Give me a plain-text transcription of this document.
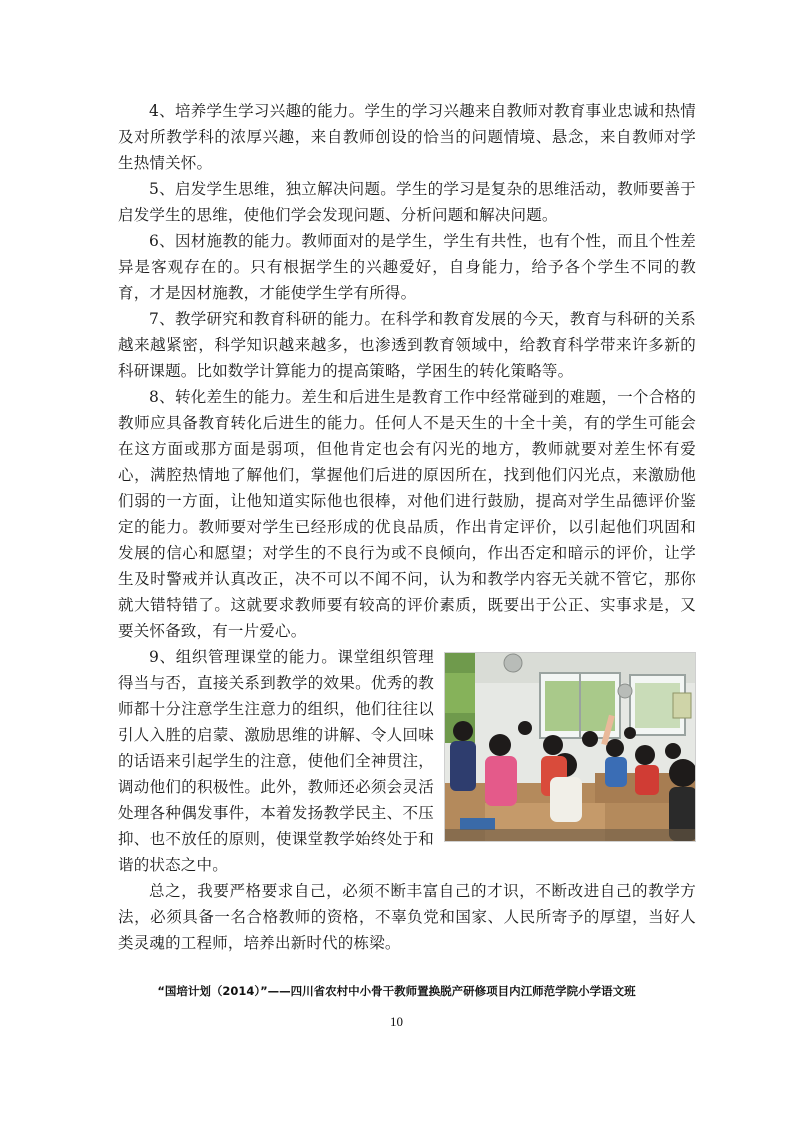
4、培养学生学习兴趣的能力。学生的学习兴趣来自教师对教育事业忠诚和热情及对所教学科的浓厚兴趣，来自教师创设的恰当的问题情境、悬念，来自教师对学生热情关怀。

5、启发学生思维，独立解决问题。学生的学习是复杂的思维活动，教师要善于启发学生的思维，使他们学会发现问题、分析问题和解决问题。

6、因材施教的能力。教师面对的是学生，学生有共性，也有个性，而且个性差异是客观存在的。只有根据学生的兴趣爱好，自身能力，给予各个学生不同的教育，才是因材施教，才能使学生学有所得。

7、教学研究和教育科研的能力。在科学和教育发展的今天，教育与科研的关系越来越紧密，科学知识越来越多，也渗透到教育领域中，给教育科学带来许多新的科研课题。比如数学计算能力的提高策略，学困生的转化策略等。

8、转化差生的能力。差生和后进生是教育工作中经常碰到的难题，一个合格的教师应具备教育转化后进生的能力。任何人不是天生的十全十美，有的学生可能会在这方面或那方面是弱项，但他肯定也会有闪光的地方，教师就要对差生怀有爱心，满腔热情地了解他们，掌握他们后进的原因所在，找到他们闪光点，来激励他们弱的一方面，让他知道实际他也很棒，对他们进行鼓励，提高对学生品德评价鉴定的能力。教师要对学生已经形成的优良品质，作出肯定评价，以引起他们巩固和发展的信心和愿望；对学生的不良行为或不良倾向，作出否定和暗示的评价，让学生及时警戒并认真改正，决不可以不闻不问，认为和教学内容无关就不管它，那你就大错特错了。这就要求教师要有较高的评价素质，既要出于公正、实事求是，又要关怀备致，有一片爱心。

9、组织管理课堂的能力。课堂组织管理得当与否，直接关系到教学的效果。优秀的教师都十分注意学生注意力的组织，他们往往以引人入胜的启蒙、激励思维的讲解、令人回味的话语来引起学生的注意，使他们全神贯注，调动他们的积极性。此外，教师还必须会灵活处理各种偶发事件，本着发扬教学民主、不压抑、也不放任的原则，使课堂教学始终处于和谐的状态之中。

总之，我要严格要求自己，必须不断丰富自己的才识，不断改进自己的教学方法，必须具备一名合格教师的资格，不辜负党和国家、人民所寄予的厚望，当好人类灵魂的工程师，培养出新时代的栋梁。

“国培计划（2014）”——四川省农村中小骨干教师置换脱产研修项目内江师范学院小学语文班
10
